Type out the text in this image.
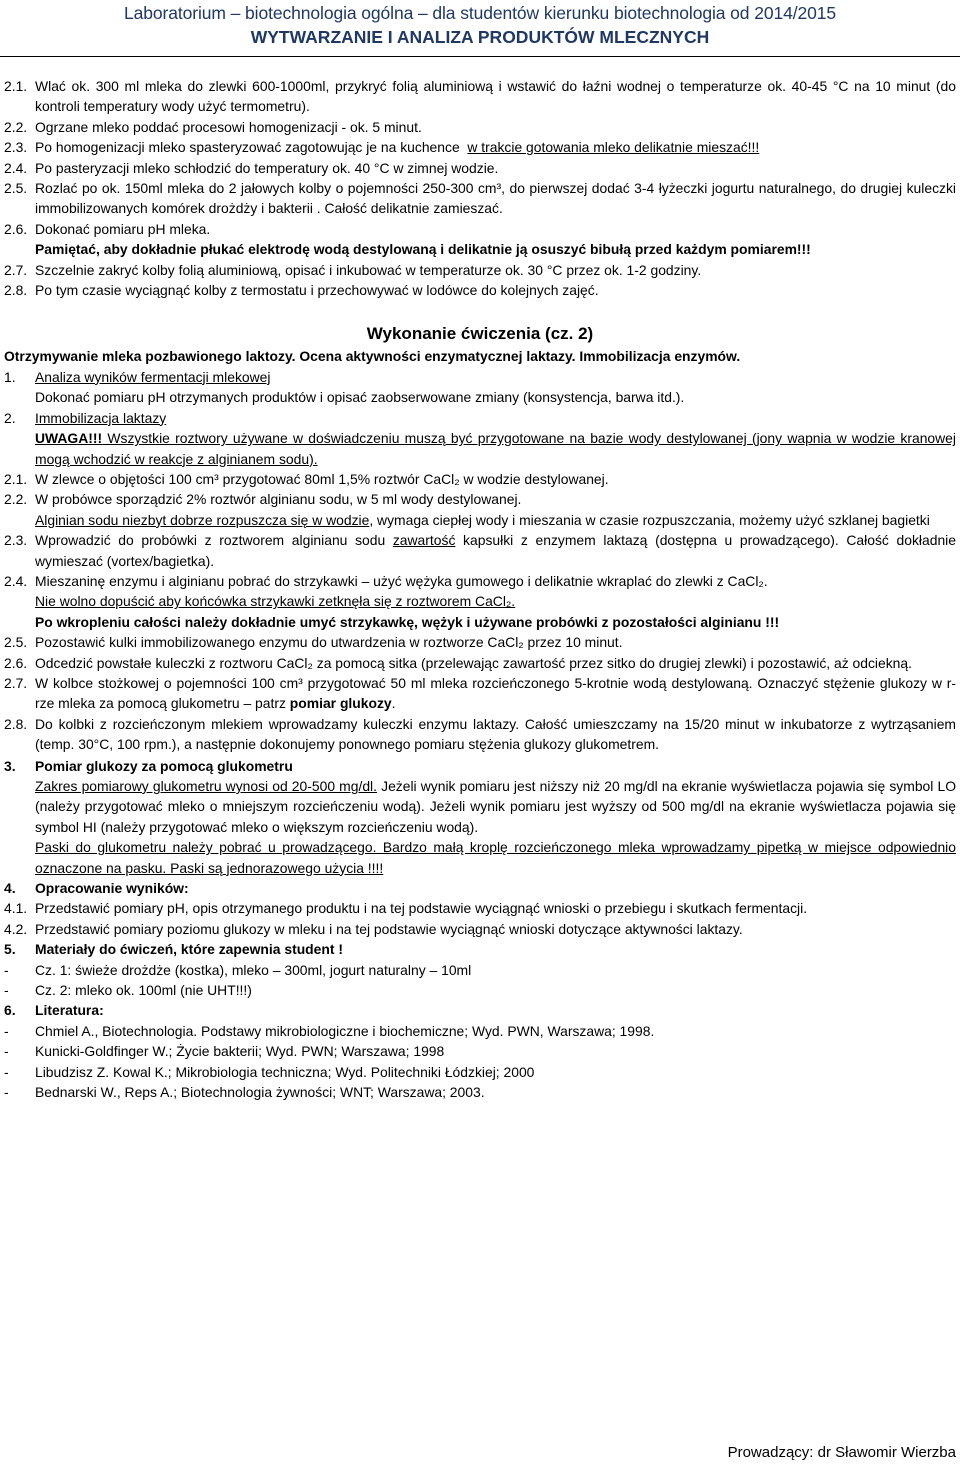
Laboratorium – biotechnologia ogólna – dla studentów kierunku biotechnologia od 2014/2015
WYTWARZANIE I ANALIZA PRODUKTÓW MLECZNYCH
2.1. Wlać ok. 300 ml mleka do zlewki 600-1000ml, przykryć folią aluminiową i wstawić do łaźni wodnej o temperaturze ok. 40-45 °C na 10 minut (do kontroli temperatury wody użyć termometru).
2.2. Ogrzane mleko poddać procesowi homogenizacji - ok. 5 minut.
2.3. Po homogenizacji mleko spasteryzować zagotowując je na kuchence w trakcie gotowania mleko delikatnie mieszać!!!
2.4. Po pasteryzacji mleko schłodzić do temperatury ok. 40 °C w zimnej wodzie.
2.5. Rozlać po ok. 150ml mleka do 2 jałowych kolby o pojemności 250-300 cm³, do pierwszej dodać 3-4 łyżeczki jogurtu naturalnego, do drugiej kuleczki immobilizowanych komórek drożdży i bakterii . Całość delikatnie zamieszać.
2.6. Dokonać pomiaru pH mleka.
Pamiętać, aby dokładnie płukać elektrodę wodą destylowaną i delikatnie ją osuszyć bibułą przed każdym pomiarem!!!
2.7. Szczelnie zakryć kolby folią aluminiową, opisać i inkubować w temperaturze ok. 30 °C przez ok. 1-2 godziny.
2.8. Po tym czasie wyciągnąć kolby z termostatu i przechowywać w lodówce do kolejnych zajęć.
Wykonanie ćwiczenia (cz. 2)
Otrzymywanie mleka pozbawionego laktozy. Ocena aktywności enzymatycznej laktazy. Immobilizacja enzymów.
1. Analiza wyników fermentacji mlekowej
Dokonać pomiaru pH otrzymanych produktów i opisać zaobserwowane zmiany (konsystencja, barwa itd.).
2. Immobilizacja laktazy
UWAGA!!! Wszystkie roztwory używane w doświadczeniu muszą być przygotowane na bazie wody destylowanej (jony wapnia w wodzie kranowej mogą wchodzić w reakcje z alginianem sodu).
2.1. W zlewce o objętości 100 cm³ przygotować 80ml 1,5% roztwór CaCl₂ w wodzie destylowanej.
2.2. W probówce sporządzić 2% roztwór alginianu sodu, w 5 ml wody destylowanej.
Alginian sodu niezbyt dobrze rozpuszcza się w wodzie, wymaga ciepłej wody i mieszania w czasie rozpuszczania, możemy użyć szklanej bagietki
2.3. Wprowadzić do probówki z roztworem alginianu sodu zawartość kapsułki z enzymem laktazą (dostępna u prowadzącego). Całość dokładnie wymieszać (vortex/bagietka).
2.4. Mieszaninę enzymu i alginianu pobrać do strzykawki – użyć wężyka gumowego i delikatnie wkraplać do zlewki z CaCl₂.
Nie wolno dopuścić aby końcówka strzykawki zetknęła się z roztworem CaCl₂.
Po wkropleniu całości należy dokładnie umyć strzykawkę, wężyk i używane probówki z pozostałości alginianu !!!
2.5. Pozostawić kulki immobilizowanego enzymu do utwardzenia w roztworze CaCl₂ przez 10 minut.
2.6. Odcedzić powstałe kuleczki z roztworu CaCl₂ za pomocą sitka (przelewając zawartość przez sitko do drugiej zlewki) i pozostawić, aż odciekną.
2.7. W kolbce stożkowej o pojemności 100 cm³ przygotować 50 ml mleka rozcieńczonego 5-krotnie wodą destylowaną. Oznaczyć stężenie glukozy w r-rze mleka za pomocą glukometru – patrz pomiar glukozy.
2.8. Do kolbki z rozcieńczonym mlekiem wprowadzamy kuleczki enzymu laktazy. Całość umieszczamy na 15/20 minut w inkubatorze z wytrząsaniem (temp. 30°C, 100 rpm.), a następnie dokonujemy ponownego pomiaru stężenia glukozy glukometrem.
3. Pomiar glukozy za pomocą glukometru
Zakres pomiarowy glukometru wynosi od 20-500 mg/dl. Jeżeli wynik pomiaru jest niższy niż 20 mg/dl na ekranie wyświetlacza pojawia się symbol LO (należy przygotować mleko o mniejszym rozcieńczeniu wodą). Jeżeli wynik pomiaru jest wyższy od 500 mg/dl na ekranie wyświetlacza pojawia się symbol HI (należy przygotować mleko o większym rozcieńczeniu wodą).
Paski do glukometru należy pobrać u prowadzącego. Bardzo małą kroplę rozcieńczonego mleka wprowadzamy pipetką w miejsce odpowiednio oznaczone na pasku. Paski są jednorazowego użycia !!!!
4. Opracowanie wyników:
4.1. Przedstawić pomiary pH, opis otrzymanego produktu i na tej podstawie wyciągnąć wnioski o przebiegu i skutkach fermentacji.
4.2. Przedstawić pomiary poziomu glukozy w mleku i na tej podstawie wyciągnąć wnioski dotyczące aktywności laktazy.
5. Materiały do ćwiczeń, które zapewnia student !
- Cz. 1: świeże drożdże (kostka), mleko – 300ml, jogurt naturalny – 10ml
- Cz. 2: mleko ok. 100ml (nie UHT!!!)
6. Literatura:
- Chmiel A., Biotechnologia. Podstawy mikrobiologiczne i biochemiczne; Wyd. PWN, Warszawa; 1998.
- Kunicki-Goldfinger W.; Życie bakterii; Wyd. PWN; Warszawa; 1998
- Libudzisz Z. Kowal K.; Mikrobiologia techniczna; Wyd. Politechniki Łódzkiej; 2000
- Bednarski W., Reps A.; Biotechnologia żywności; WNT; Warszawa; 2003.
Prowadzący: dr Sławomir Wierzba
